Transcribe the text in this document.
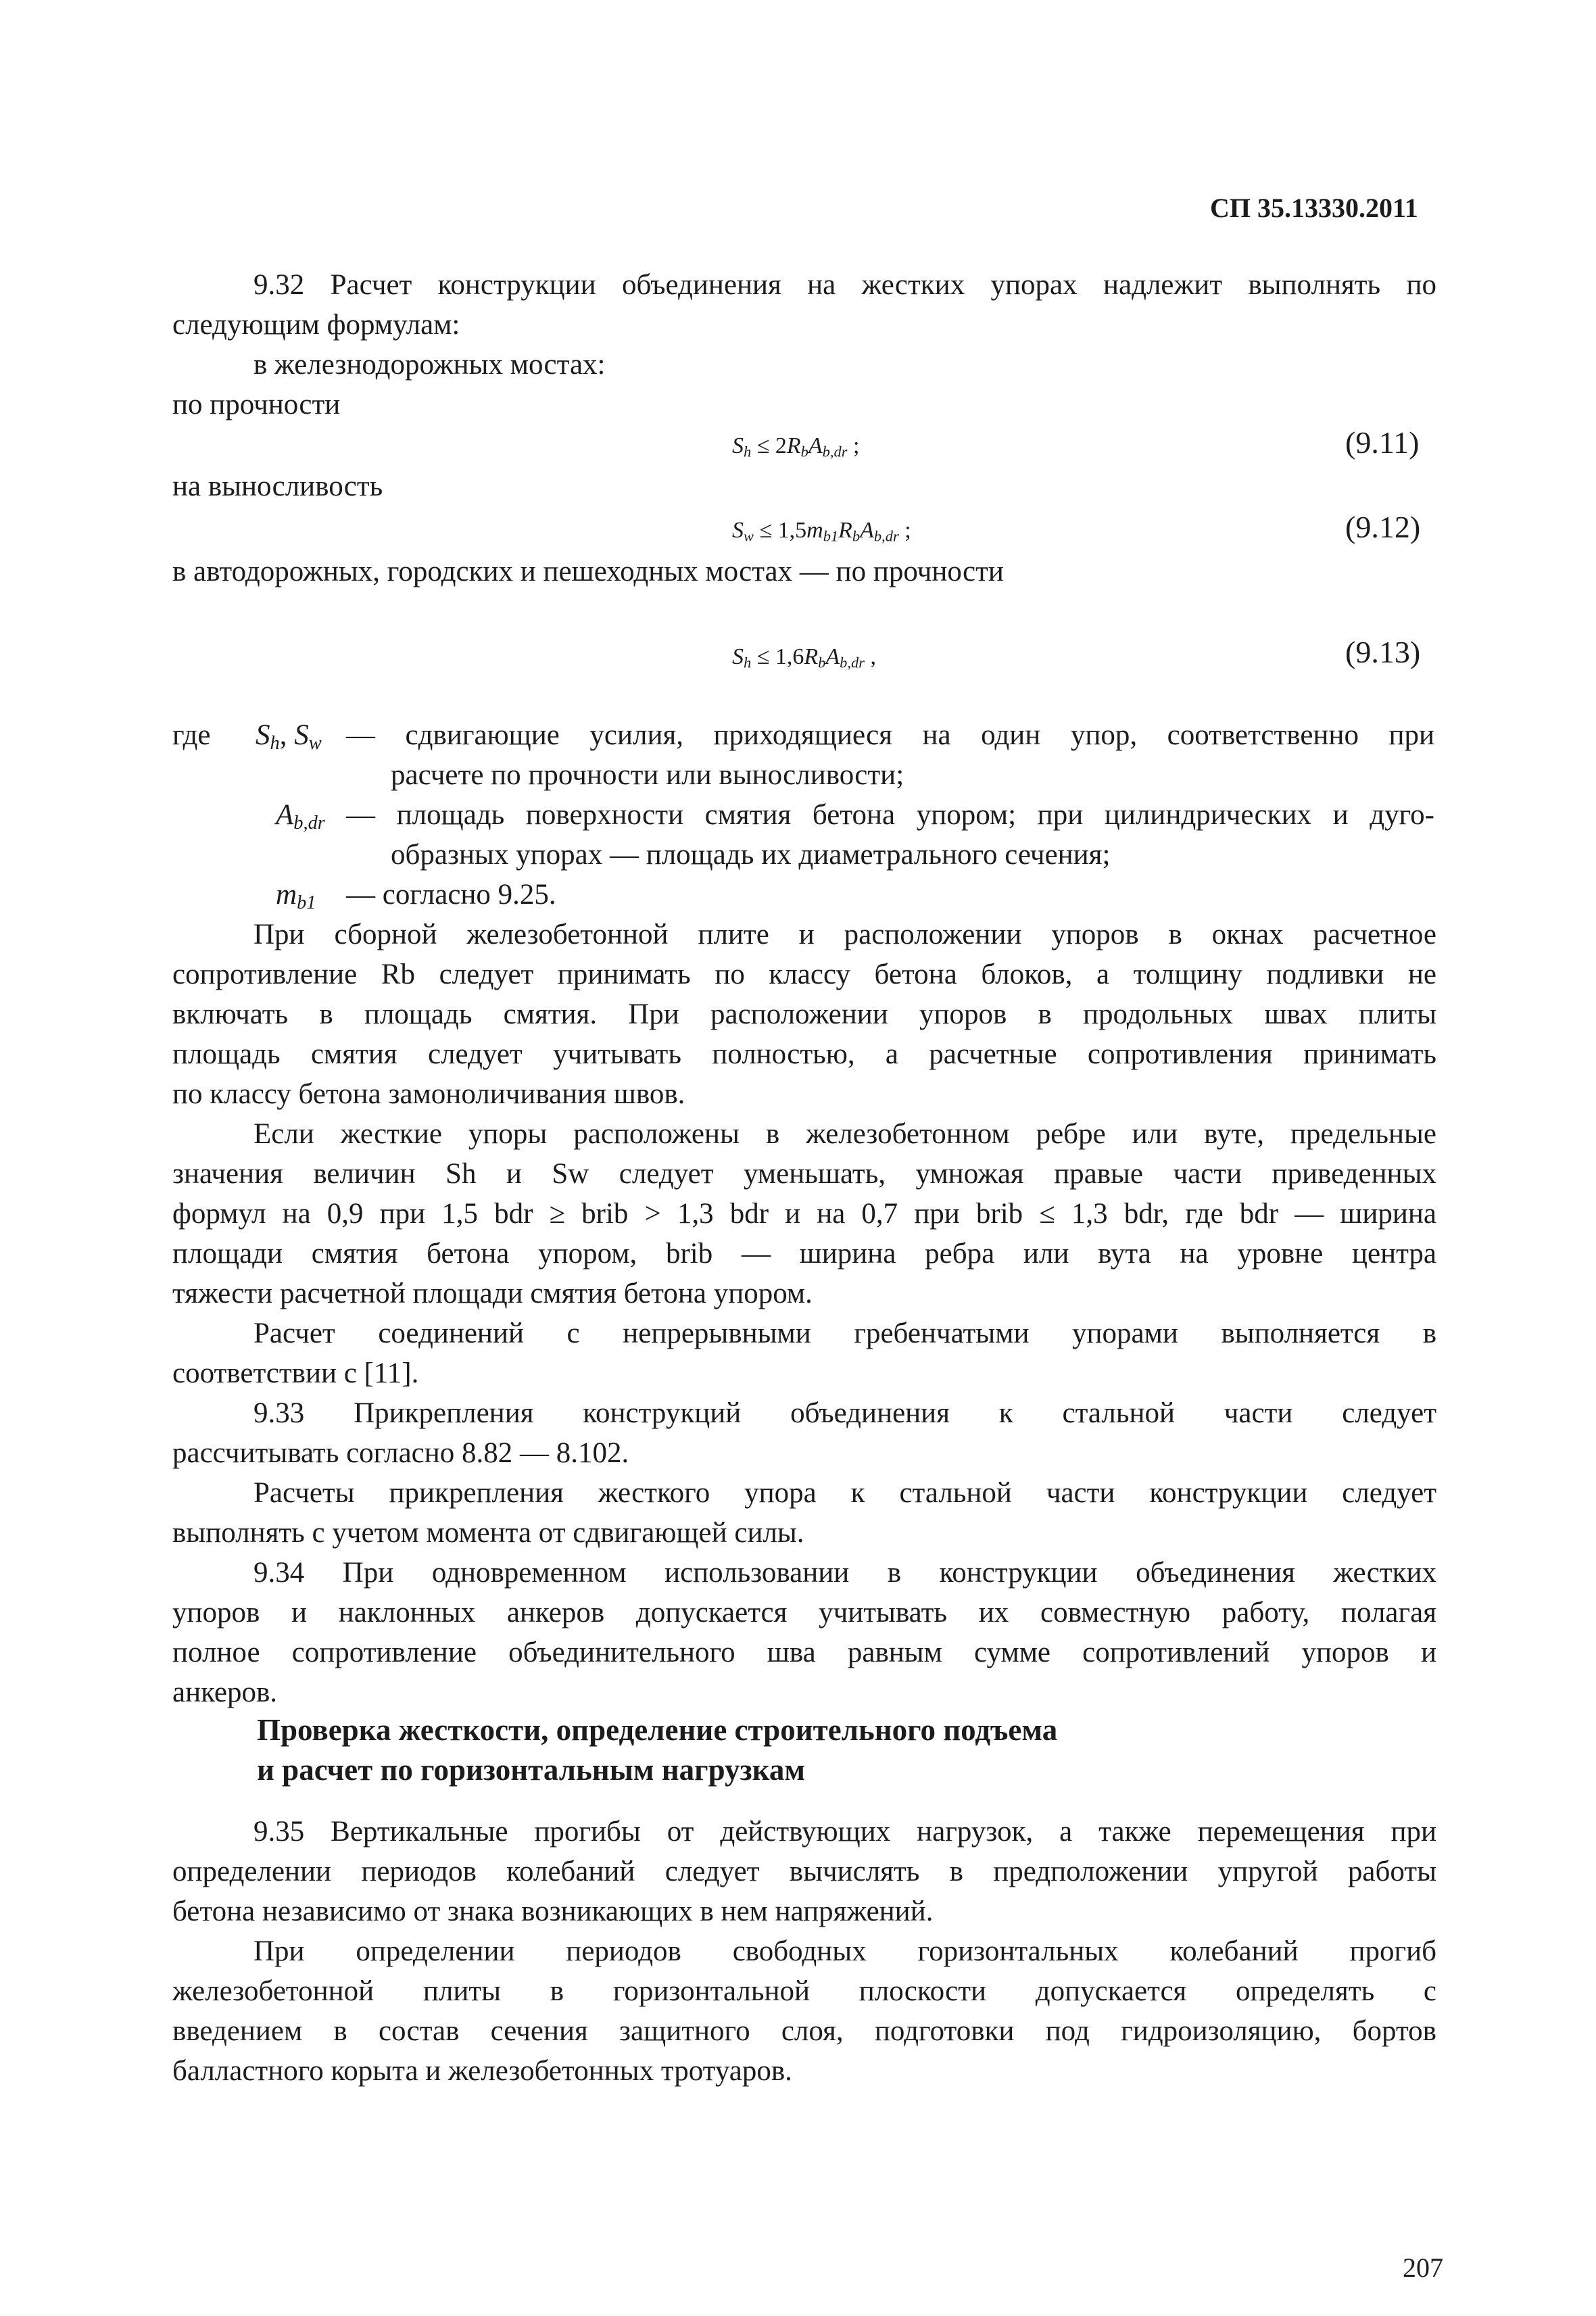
СП 35.13330.2011
9.32 Расчет конструкции объединения на жестких упорах надлежит выполнять по
следующим формулам:
в железнодорожных мостах:
по прочности
$S_h \le 2R_bA_{b,dr}$ ;	(9.11)
на выносливость
$S_w \le 1,5m_{b1}R_bA_{b,dr}$ ;	(9.12)
в автодорожных, городских и пешеходных мостах — по прочности
$S_h \le 1,6R_bA_{b,dr}$ ,	(9.13)
где $S_h$, $S_w$ — сдвигающие усилия, приходящиеся на один упор, соответственно при
расчете по прочности или выносливости;
$A_{b,dr}$ — площадь поверхности смятия бетона упором; при цилиндрических и дуго-
образных упорах — площадь их диаметрального сечения;
$m_{b1}$ — согласно 9.25.
При сборной железобетонной плите и расположении упоров в окнах расчетное
сопротивление Rb следует принимать по классу бетона блоков, а толщину подливки не
включать в площадь смятия. При расположении упоров в продольных швах плиты
площадь смятия следует учитывать полностью, а расчетные сопротивления принимать
по классу бетона замоноличивания швов.
Если жесткие упоры расположены в железобетонном ребре или вуте, предельные
значения величин Sh и Sw следует уменьшать, умножая правые части приведенных
формул на 0,9 при 1,5 bdr ≥ brib > 1,3 bdr и на 0,7 при brib ≤ 1,3 bdr, где bdr — ширина
площади смятия бетона упором, brib — ширина ребра или вута на уровне центра
тяжести расчетной площади смятия бетона упором.
Расчет соединений с непрерывными гребенчатыми упорами выполняется в
соответствии с [11].
9.33 Прикрепления конструкций объединения к стальной части следует
рассчитывать согласно 8.82 — 8.102.
Расчеты прикрепления жесткого упора к стальной части конструкции следует
выполнять с учетом момента от сдвигающей силы.
9.34 При одновременном использовании в конструкции объединения жестких
упоров и наклонных анкеров допускается учитывать их совместную работу, полагая
полное сопротивление объединительного шва равным сумме сопротивлений упоров и
анкеров.
Проверка жесткости, определение строительного подъема
и расчет по горизонтальным нагрузкам
9.35 Вертикальные прогибы от действующих нагрузок, а также перемещения при
определении периодов колебаний следует вычислять в предположении упругой работы
бетона независимо от знака возникающих в нем напряжений.
При определении периодов свободных горизонтальных колебаний прогиб
железобетонной плиты в горизонтальной плоскости допускается определять с
введением в состав сечения защитного слоя, подготовки под гидроизоляцию, бортов
балластного корыта и железобетонных тротуаров.
207
